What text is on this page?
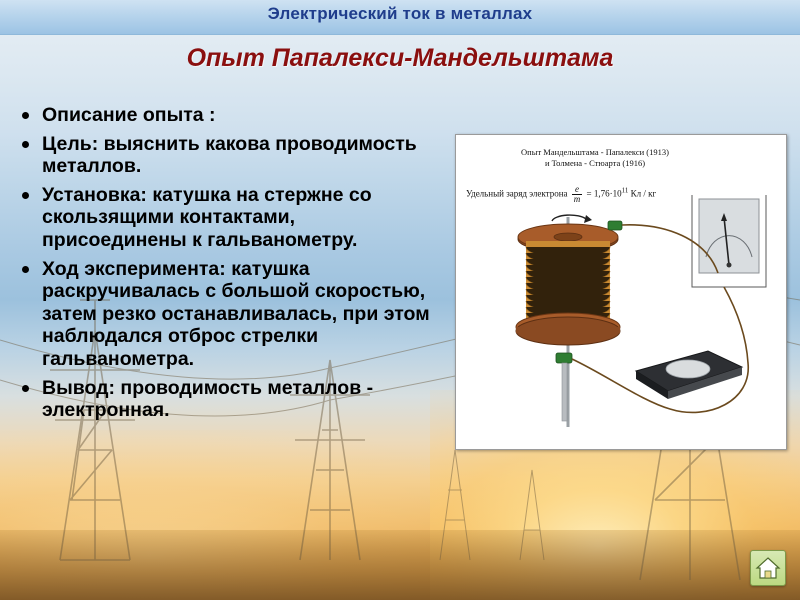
Электрический ток в металлах
Опыт Папалекси-Мандельштама
Описание опыта :
Цель: выяснить какова проводимость металлов.
Установка: катушка на стержне со скользящими контактами, присоединены к гальванометру.
Ход эксперимента: катушка раскручивалась с большой скоростью, затем резко останавливалась, при этом наблюдался отброс стрелки гальванометра.
Вывод: проводимость металлов - электронная.
Опыт Мандельштама - Папалекси (1913)
и Толмена - Стюарта (1916)
Удельный заряд электрона $\frac{e}{m} = 1,76\cdot 10^{11}$ Кл / кг
